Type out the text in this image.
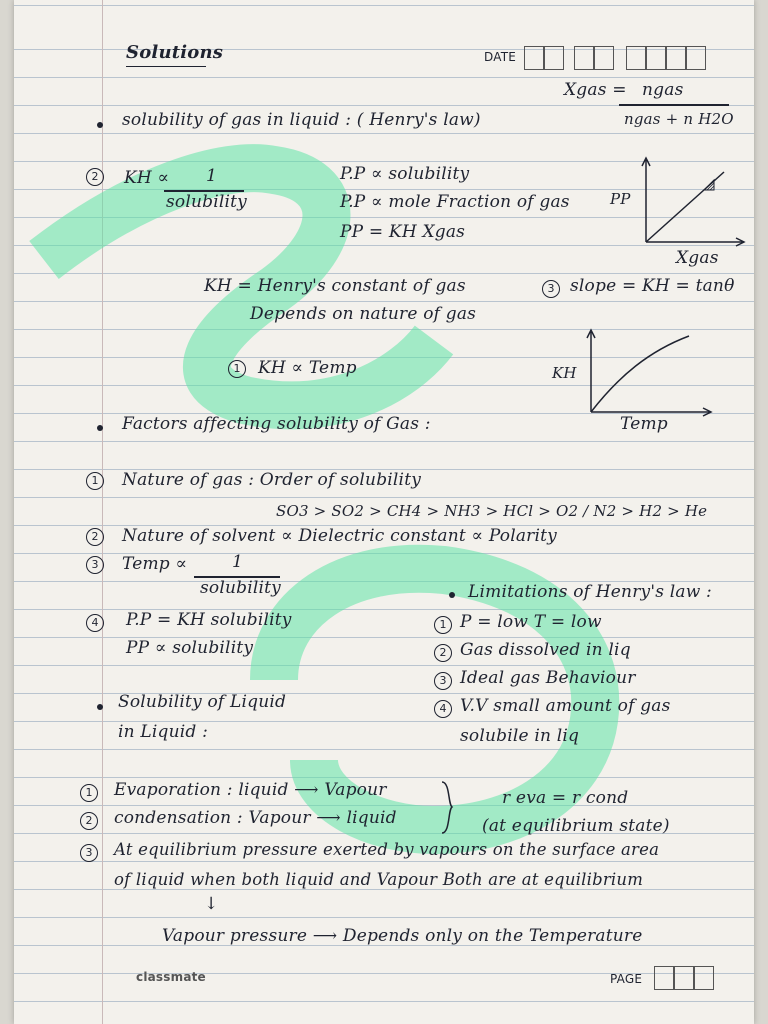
Solutions	DATE
Xgas = ngas
ngas + n H2O
solubility of gas in liquid : ( Henry's law)
2	KH ∝ 1
solubility
P.P ∝ solubility
P.P ∝ mole Fraction of gas
PP = KH Xgas
PP
Xgas
KH = Henry's constant of gas	3 slope = KH = tanθ
Depends on nature of gas
1	KH ∝ Temp	KH
Temp
Factors affecting solubility of Gas :
1	Nature of gas : Order of solubility
SO3 > SO2 > CH4 > NH3 > HCl > O2 / N2 > H2 > He
2	Nature of solvent ∝ Dielectric constant ∝ Polarity
3	Temp ∝	1
solubility
4	P.P = KH solubility
PP ∝ solubility
Limitations of Henry's law :
1 P = low T = low
2 Gas dissolved in liq
3 Ideal gas Behaviour
4 V.V small amount of gas
solubile in liq
Solubility of Liquid
in Liquid :
1	Evaporation : liquid ⟶ Vapour
2	condensation : Vapour ⟶ liquid
r eva = r cond
(at equilibrium state)
3	At equilibrium pressure exerted by vapours on the surface area
of liquid when both liquid and Vapour Both are at equilibrium
↓
Vapour pressure ⟶ Depends only on the Temperature
classmate	PAGE
